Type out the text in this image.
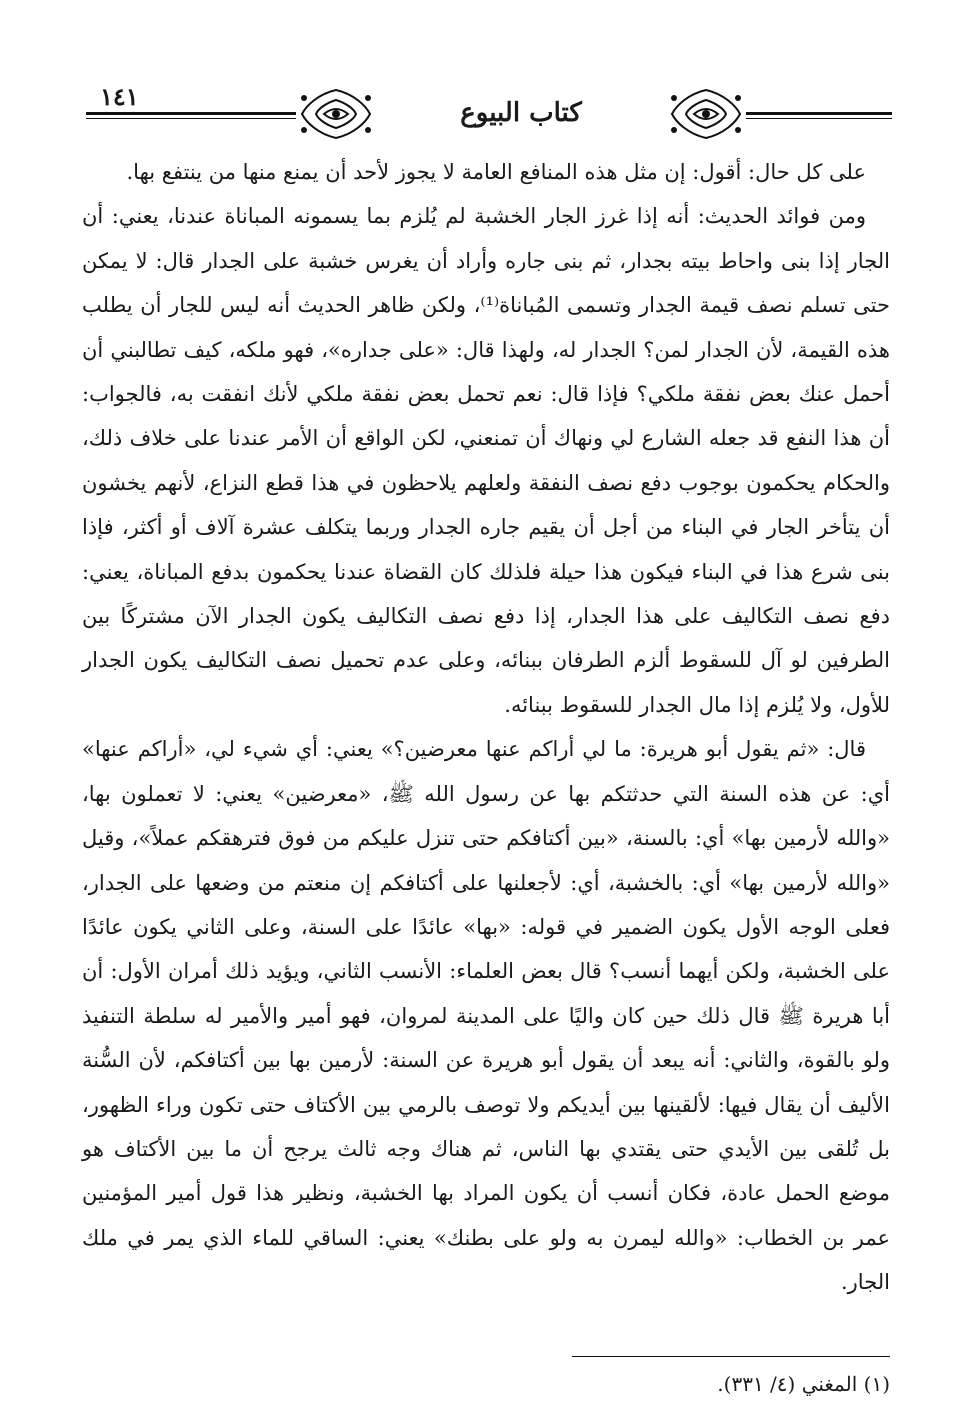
١٤١
كتاب البيوع

على كل حال: أقول: إن مثل هذه المنافع العامة لا يجوز لأحد أن يمنع منها من ينتفع بها.

ومن فوائد الحديث: أنه إذا غرز الجار الخشبة لم يُلزم بما يسمونه المباناة عندنا، يعني: أن الجار إذا بنى واحاط بيته بجدار، ثم بنى جاره وأراد أن يغرس خشبة على الجدار قال: لا يمكن حتى تسلم نصف قيمة الجدار وتسمى المُباناة⁽¹⁾، ولكن ظاهر الحديث أنه ليس للجار أن يطلب هذه القيمة، لأن الجدار لمن؟ الجدار له، ولهذا قال: «على جداره»، فهو ملكه، كيف تطالبني أن أحمل عنك بعض نفقة ملكي؟ فإذا قال: نعم تحمل بعض نفقة ملكي لأنك انفقت به، فالجواب: أن هذا النفع قد جعله الشارع لي ونهاك أن تمنعني، لكن الواقع أن الأمر عندنا على خلاف ذلك، والحكام يحكمون بوجوب دفع نصف النفقة ولعلهم يلاحظون في هذا قطع النزاع، لأنهم يخشون أن يتأخر الجار في البناء من أجل أن يقيم جاره الجدار وربما يتكلف عشرة آلاف أو أكثر، فإذا بنى شرع هذا في البناء فيكون هذا حيلة فلذلك كان القضاة عندنا يحكمون بدفع المباناة، يعني: دفع نصف التكاليف على هذا الجدار، إذا دفع نصف التكاليف يكون الجدار الآن مشتركًا بين الطرفين لو آل للسقوط ألزم الطرفان ببنائه، وعلى عدم تحميل نصف التكاليف يكون الجدار للأول، ولا يُلزم إذا مال الجدار للسقوط ببنائه.

قال: «ثم يقول أبو هريرة: ما لي أراكم عنها معرضين؟» يعني: أي شيء لي، «أراكم عنها» أي: عن هذه السنة التي حدثتكم بها عن رسول الله ﷺ، «معرضين» يعني: لا تعملون بها، «والله لأرمين بها» أي: بالسنة، «بين أكتافكم حتى تنزل عليكم من فوق فترهقكم عملاً»، وقيل «والله لأرمين بها» أي: بالخشبة، أي: لأجعلنها على أكتافكم إن منعتم من وضعها على الجدار، فعلى الوجه الأول يكون الضمير في قوله: «بها» عائدًا على السنة، وعلى الثاني يكون عائدًا على الخشبة، ولكن أيهما أنسب؟ قال بعض العلماء: الأنسب الثاني، ويؤيد ذلك أمران الأول: أن أبا هريرة ﷺ قال ذلك حين كان واليًا على المدينة لمروان، فهو أمير والأمير له سلطة التنفيذ ولو بالقوة، والثاني: أنه يبعد أن يقول أبو هريرة عن السنة: لأرمين بها بين أكتافكم، لأن السُّنة الأليف أن يقال فيها: لألقينها بين أيديكم ولا توصف بالرمي بين الأكتاف حتى تكون وراء الظهور، بل تُلقى بين الأيدي حتى يقتدي بها الناس، ثم هناك وجه ثالث يرجح أن ما بين الأكتاف هو موضع الحمل عادة، فكان أنسب أن يكون المراد بها الخشبة، ونظير هذا قول أمير المؤمنين عمر بن الخطاب: «والله ليمرن به ولو على بطنك» يعني: الساقي للماء الذي يمر في ملك الجار.

(١) المغني (٤/ ٣٣١).
